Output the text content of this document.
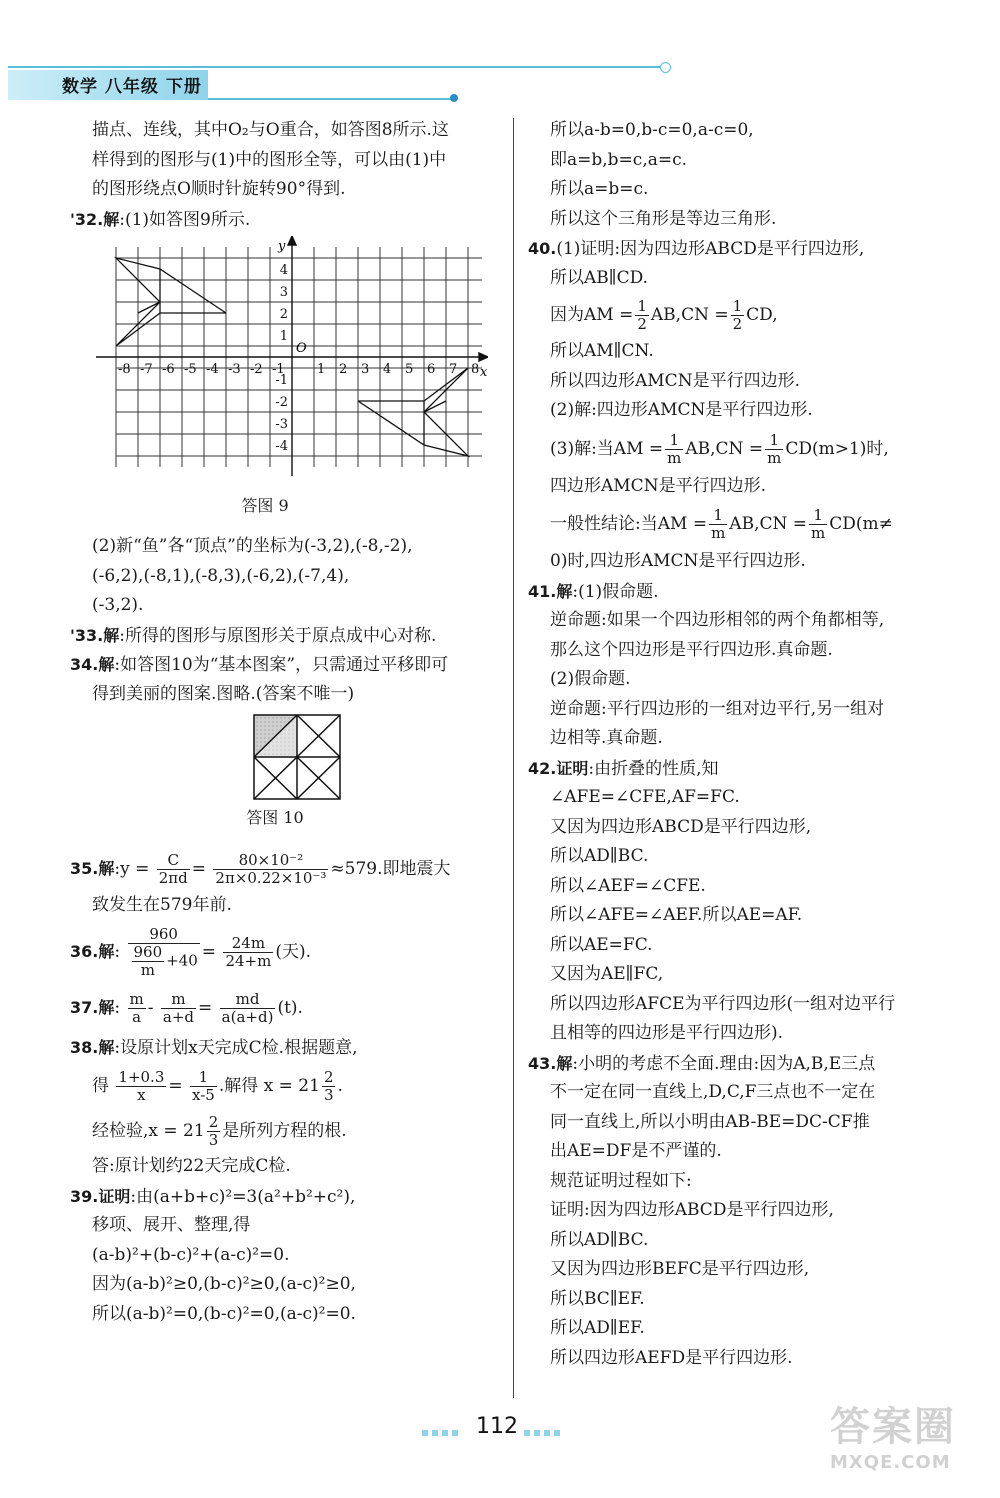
数学 八年级 下册
描点、连线，其中O₂与O重合，如答图8所示.这
样得到的图形与(1)中的图形全等，可以由(1)中
的图形绕点O顺时针旋转90°得到.
'32.解:(1)如答图9所示.
y
x
O
-8 -7 -6 -5 -4 -3 -2 -1 1 2 3 4 5 6 7 8
4
3
2
1
-1
-2
-3
-4
答图 9
(2)新“鱼”各“顶点”的坐标为(-3,2),(-8,-2),
(-6,2),(-8,1),(-8,3),(-6,2),(-7,4),
(-3,2).
'33.解:所得的图形与原图形关于原点成中心对称.
34.解:如答图10为“基本图案”，只需通过平移即可
得到美丽的图案.图略.(答案不唯一)
答图 10
35.解:y = $\frac{C}{2\pi d} = \frac{\text{80×10⁻²}}{\text{2π×0.22×10⁻³}} \approx 579$.即地震大
致发生在579年前.
36.解: $\frac{960}{\frac{960}{m} +40} = \frac{24m}{24+m}$ (天).
37.解: $\frac{m}{a} - \frac{m}{a+d} = \frac{md}{a(a+d)} (t)$.
38.解:设原计划x天完成C检.根据题意,
得 $\frac{1+0.3}{x} = \frac{1}{x-5}$ .解得 $x = 21 \frac{2}{3}$ .
经检验$,x = 21 \frac{2}{3}$ 是所列方程的根.
答:原计划约22天完成C检.
39.证明:由(a+b+c)²=3(a²+b²+c²),
移项、展开、整理,得
(a-b)²+(b-c)²+(a-c)²=0.
因为(a-b)²≥0,(b-c)²≥0,(a-c)²≥0,
所以(a-b)²=0,(b-c)²=0,(a-c)²=0.
所以a-b=0,b-c=0,a-c=0,
即a=b,b=c,a=c.
所以a=b=c.
所以这个三角形是等边三角形.
40.(1)证明:因为四边形ABCD是平行四边形,
所以AB∥CD.
因为AM = $\frac{1}{2} AB,CN = \frac{1}{2}$ CD,
所以AM∥CN.
所以四边形AMCN是平行四边形.
(2)解:四边形AMCN是平行四边形.
(3)解:当AM = $\frac{1}{m} AB,CN = \frac{1}{m} CD(m>1)$时,
四边形AMCN是平行四边形.
一般性结论:当AM = $\frac{1}{m} AB,CN = \frac{1}{m} CD(m\ne$
0)时,四边形AMCN是平行四边形.
41.解:(1)假命题.
逆命题:如果一个四边形相邻的两个角都相等,
那么这个四边形是平行四边形.真命题.
(2)假命题.
逆命题:平行四边形的一组对边平行,另一组对
边相等.真命题.
42.证明:由折叠的性质,知
∠AFE=∠CFE,AF=FC.
又因为四边形ABCD是平行四边形,
所以AD∥BC.
所以∠AEF=∠CFE.
所以∠AFE=∠AEF.所以AE=AF.
所以AE=FC.
又因为AE∥FC,
所以四边形AFCE为平行四边形(一组对边平行
且相等的四边形是平行四边形).
43.解:小明的考虑不全面.理由:因为A,B,E三点
不一定在同一直线上,D,C,F三点也不一定在
同一直线上,所以小明由AB-BE=DC-CF推
出AE=DF是不严谨的.
规范证明过程如下:
证明:因为四边形ABCD是平行四边形,
所以AD∥BC.
又因为四边形BEFC是平行四边形,
所以BC∥EF.
所以AD∥EF.
所以四边形AEFD是平行四边形.
112	答案圈
MXQE.COM
